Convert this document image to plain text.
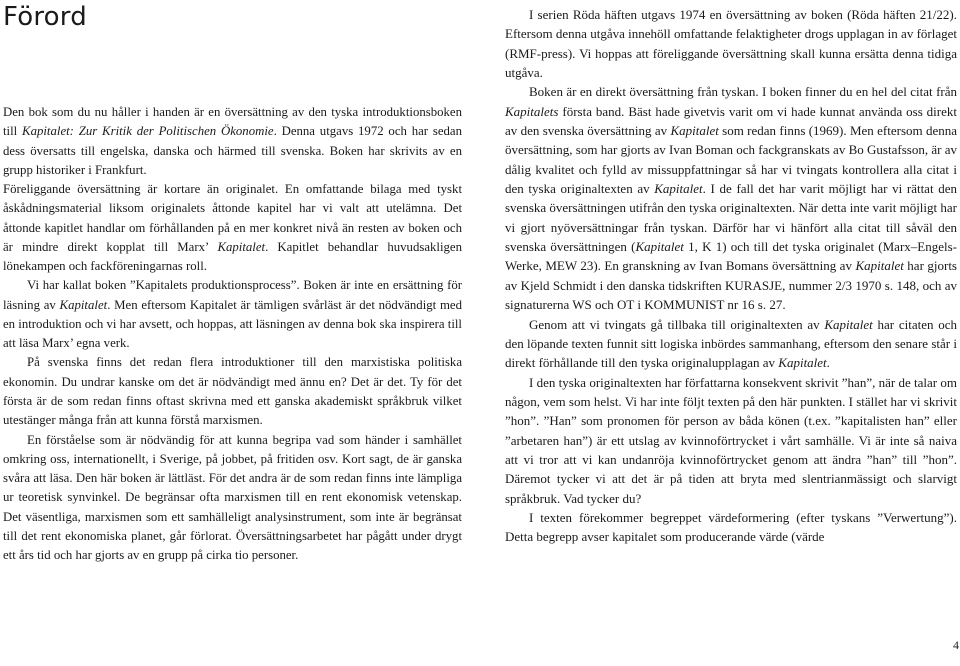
Förord

Den bok som du nu håller i handen är en översättning av den tyska introduktionsboken till Kapitalet: Zur Kritik der Politischen Ökonomie. Denna utgavs 1972 och har sedan dess översatts till engelska, danska och härmed till svenska. Boken har skrivits av en grupp historiker i Frankfurt.

Föreliggande översättning är kortare än originalet. En omfattande bilaga med tyskt åskådningsmaterial liksom originalets åttonde kapitel har vi valt att utelämna. Det åttonde kapitlet handlar om förhållanden på en mer konkret nivå än resten av boken och är mindre direkt kopplat till Marx’ Kapitalet. Kapitlet behandlar huvudsakligen lönekampen och fackföreningarnas roll.

Vi har kallat boken ”Kapitalets produktionsprocess”. Boken är inte en ersättning för läsning av Kapitalet. Men eftersom Kapitalet är tämligen svårläst är det nödvändigt med en introduktion och vi har avsett, och hoppas, att läsningen av denna bok ska inspirera till att läsa Marx’ egna verk.

På svenska finns det redan flera introduktioner till den marxistiska politiska ekonomin. Du undrar kanske om det är nödvändigt med ännu en? Det är det. Ty för det första är de som redan finns oftast skrivna med ett ganska akademiskt språkbruk vilket utestänger många från att kunna förstå marxismen.

En förståelse som är nödvändig för att kunna begripa vad som händer i samhället omkring oss, internationellt, i Sverige, på jobbet, på fritiden osv. Kort sagt, de är ganska svåra att läsa. Den här boken är lättläst. För det andra är de som redan finns inte lämpliga ur teoretisk synvinkel. De begränsar ofta marxismen till en rent ekonomisk vetenskap. Det väsentliga, marxismen som ett samhälleligt analysinstrument, som inte är begränsat till det rent ekonomiska planet, går förlorat. Översättningsarbetet har pågått under drygt ett års tid och har gjorts av en grupp på cirka tio personer.

I serien Röda häften utgavs 1974 en översättning av boken (Röda häften 21/22). Eftersom denna utgåva innehöll omfattande felaktigheter drogs upplagan in av förlaget (RMF-press). Vi hoppas att föreliggande översättning skall kunna ersätta denna tidiga utgåva.

Boken är en direkt översättning från tyskan. I boken finner du en hel del citat från Kapitalets första band. Bäst hade givetvis varit om vi hade kunnat använda oss direkt av den svenska översättning av Kapitalet som redan finns (1969). Men eftersom denna översättning, som har gjorts av Ivan Boman och fackgranskats av Bo Gustafsson, är av dålig kvalitet och fylld av missuppfattningar så har vi tvingats kontrollera alla citat i den tyska originaltexten av Kapitalet. I de fall det har varit möjligt har vi rättat den svenska översättningen utifrån den tyska originaltexten. När detta inte varit möjligt har vi gjort nyöversättningar från tyskan. Därför har vi hänfört alla citat till såväl den svenska översättningen (Kapitalet 1, K 1) och till det tyska originalet (Marx–Engels-Werke, MEW 23). En granskning av Ivan Bomans översättning av Kapitalet har gjorts av Kjeld Schmidt i den danska tidskriften KURASJE, nummer 2/3 1970 s. 148, och av signaturerna WS och OT i KOMMUNIST nr 16 s. 27.

Genom att vi tvingats gå tillbaka till originaltexten av Kapitalet har citaten och den löpande texten funnit sitt logiska inbördes sammanhang, eftersom den senare står i direkt förhållande till den tyska originalupplagan av Kapitalet.

I den tyska originaltexten har författarna konsekvent skrivit ”han”, när de talar om någon, vem som helst. Vi har inte följt texten på den här punkten. I stället har vi skrivit ”hon”. ”Han” som pronomen för person av båda könen (t.ex. ”kapitalisten han” eller ”arbetaren han”) är ett utslag av kvinnoförtrycket i vårt samhälle. Vi är inte så naiva att vi tror att vi kan undanröja kvinnoförtrycket genom att ändra ”han” till ”hon”. Däremot tycker vi att det är på tiden att bryta med slentrianmässigt och slarvigt språkbruk. Vad tycker du?

I texten förekommer begreppet värdeformering (efter tyskans ”Verwertung”). Detta begrepp avser kapitalet som producerande värde (värde

4
